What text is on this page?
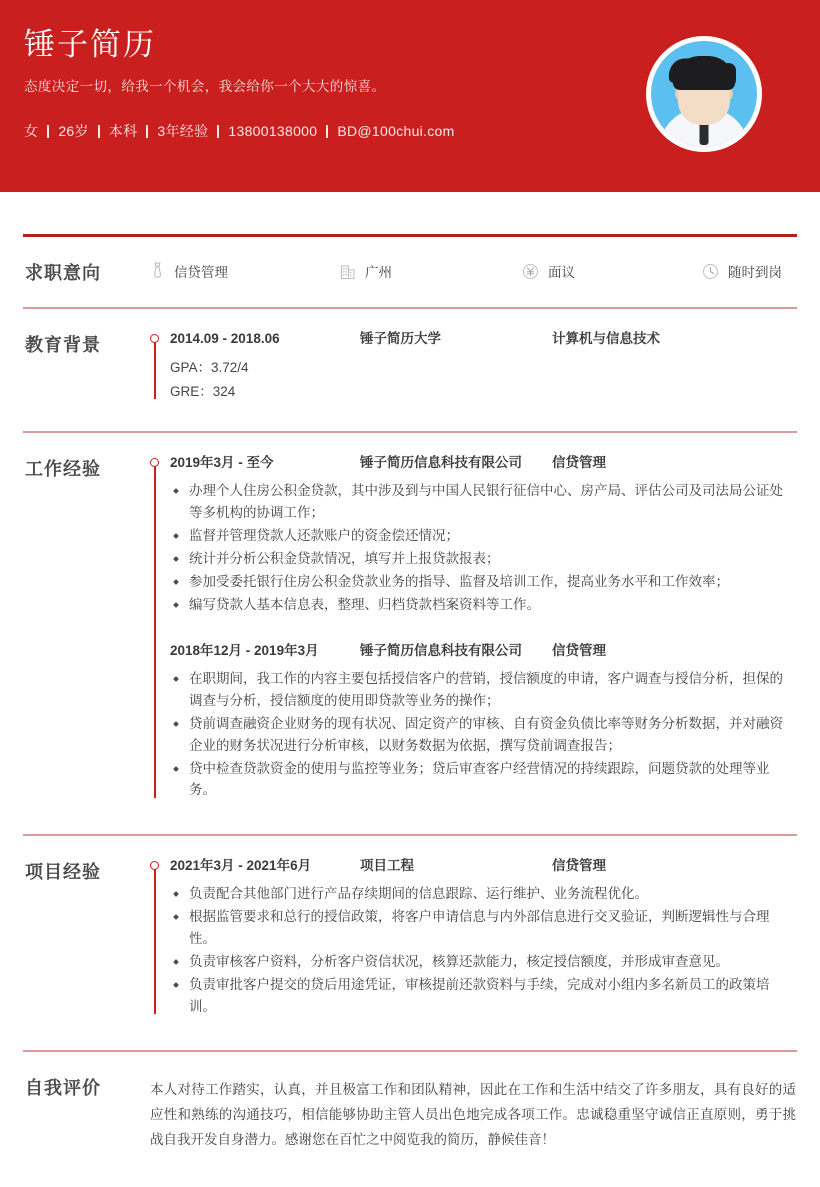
锤子简历
态度决定一切，给我一个机会，我会给你一个大大的惊喜。
女 26岁 本科 3年经验 13800138000 BD@100chui.com
求职意向	信贷管理	广州	面议	随时到岗
教育背景	2014.09 - 2018.06	锤子简历大学	计算机与信息技术
GPA：3.72/4
GRE：324
工作经验	2019年3月 - 至今	锤子简历信息科技有限公司	信贷管理
办理个人住房公积金贷款，其中涉及到与中国人民银行征信中心、房产局、评估公司及司法局公证处等多机构的协调工作；
监督并管理贷款人还款账户的资金偿还情况；
统计并分析公积金贷款情况，填写并上报贷款报表；
参加受委托银行住房公积金贷款业务的指导、监督及培训工作，提高业务水平和工作效率；
编写贷款人基本信息表，整理、归档贷款档案资料等工作。
2018年12月 - 2019年3月	锤子简历信息科技有限公司	信贷管理
在职期间，我工作的内容主要包括授信客户的营销，授信额度的申请，客户调查与授信分析，担保的调查与分析，授信额度的使用即贷款等业务的操作；
贷前调查融资企业财务的现有状况、固定资产的审核、自有资金负债比率等财务分析数据，并对融资企业的财务状况进行分析审核，以财务数据为依据，撰写贷前调查报告；
贷中检查贷款资金的使用与监控等业务；贷后审查客户经营情况的持续跟踪，问题贷款的处理等业务。
项目经验	2021年3月 - 2021年6月	项目工程	信贷管理
负责配合其他部门进行产品存续期间的信息跟踪、运行维护、业务流程优化。
根据监管要求和总行的授信政策，将客户申请信息与内外部信息进行交叉验证，判断逻辑性与合理性。
负责审核客户资料，分析客户资信状况，核算还款能力，核定授信额度，并形成审查意见。
负责审批客户提交的贷后用途凭证，审核提前还款资料与手续，完成对小组内多名新员工的政策培训。
自我评价	本人对待工作踏实，认真，并且极富工作和团队精神，因此在工作和生活中结交了许多朋友，具有良好的适应性和熟练的沟通技巧，相信能够协助主管人员出色地完成各项工作。忠诚稳重坚守诚信正直原则，勇于挑战自我开发自身潜力。感谢您在百忙之中阅览我的简历，静候佳音！
